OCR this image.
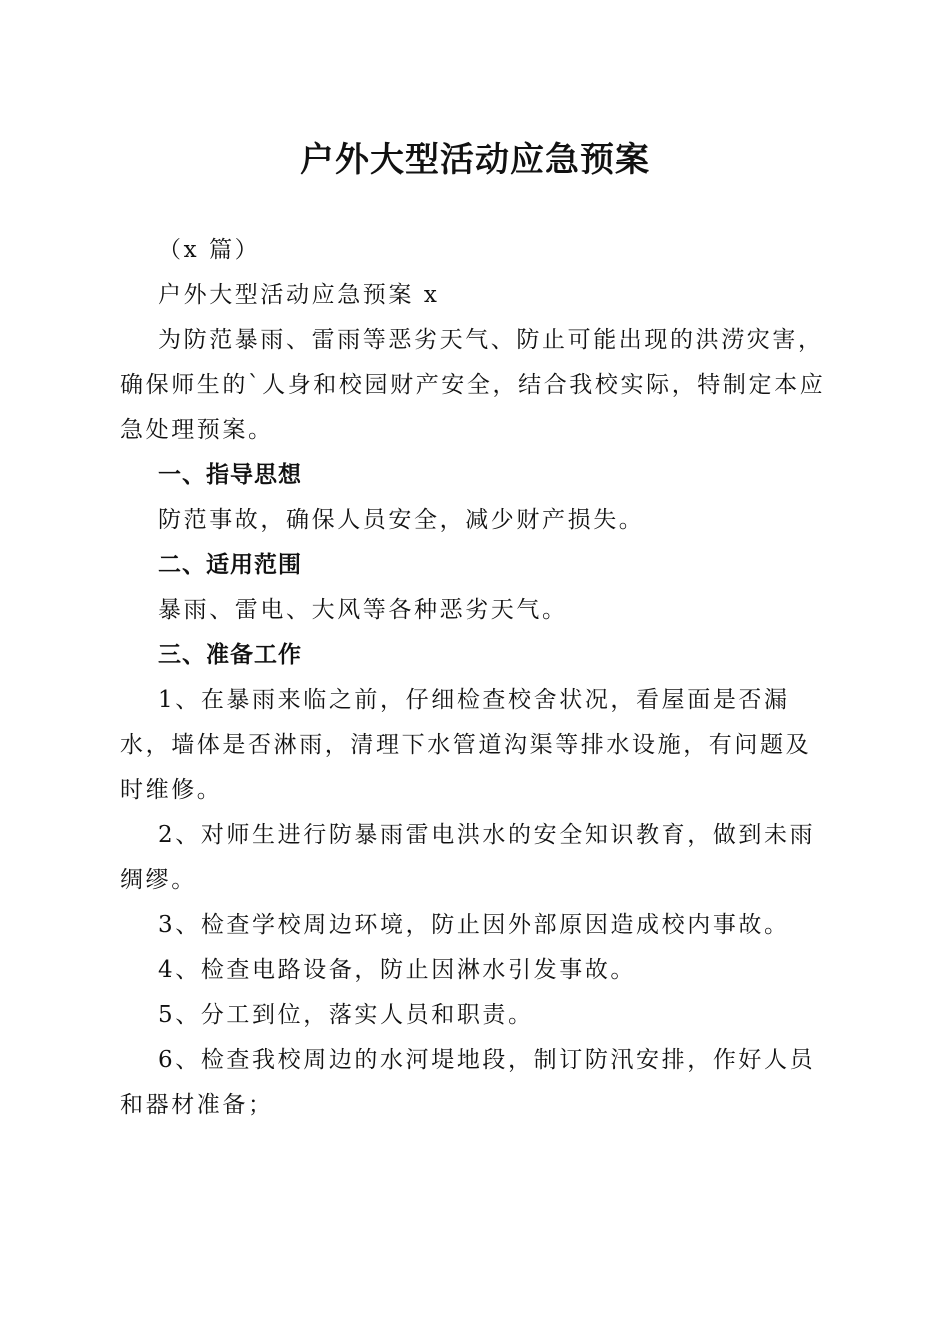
户外大型活动应急预案

（x 篇）

户外大型活动应急预案 x

为防范暴雨、雷雨等恶劣天气、防止可能出现的洪涝灾害，确保师生的`人身和校园财产安全，结合我校实际，特制定本应急处理预案。

一、指导思想

防范事故，确保人员安全，减少财产损失。

二、适用范围

暴雨、雷电、大风等各种恶劣天气。

三、准备工作

1、在暴雨来临之前，仔细检查校舍状况，看屋面是否漏水，墙体是否淋雨，清理下水管道沟渠等排水设施，有问题及时维修。

2、对师生进行防暴雨雷电洪水的安全知识教育，做到未雨绸缪。

3、检查学校周边环境，防止因外部原因造成校内事故。

4、检查电路设备，防止因淋水引发事故。

5、分工到位，落实人员和职责。

6、检查我校周边的水河堤地段，制订防汛安排，作好人员和器材准备；
